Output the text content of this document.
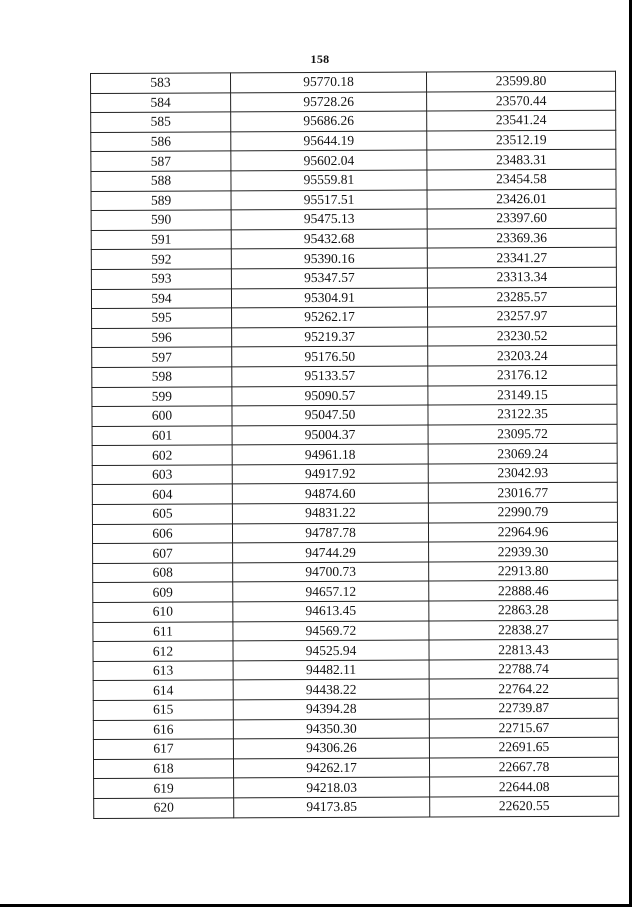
158
583	95770.18	23599.80
584	95728.26	23570.44
585	95686.26	23541.24
586	95644.19	23512.19
587	95602.04	23483.31
588	95559.81	23454.58
589	95517.51	23426.01
590	95475.13	23397.60
591	95432.68	23369.36
592	95390.16	23341.27
593	95347.57	23313.34
594	95304.91	23285.57
595	95262.17	23257.97
596	95219.37	23230.52
597	95176.50	23203.24
598	95133.57	23176.12
599	95090.57	23149.15
600	95047.50	23122.35
601	95004.37	23095.72
602	94961.18	23069.24
603	94917.92	23042.93
604	94874.60	23016.77
605	94831.22	22990.79
606	94787.78	22964.96
607	94744.29	22939.30
608	94700.73	22913.80
609	94657.12	22888.46
610	94613.45	22863.28
611	94569.72	22838.27
612	94525.94	22813.43
613	94482.11	22788.74
614	94438.22	22764.22
615	94394.28	22739.87
616	94350.30	22715.67
617	94306.26	22691.65
618	94262.17	22667.78
619	94218.03	22644.08
620	94173.85	22620.55
